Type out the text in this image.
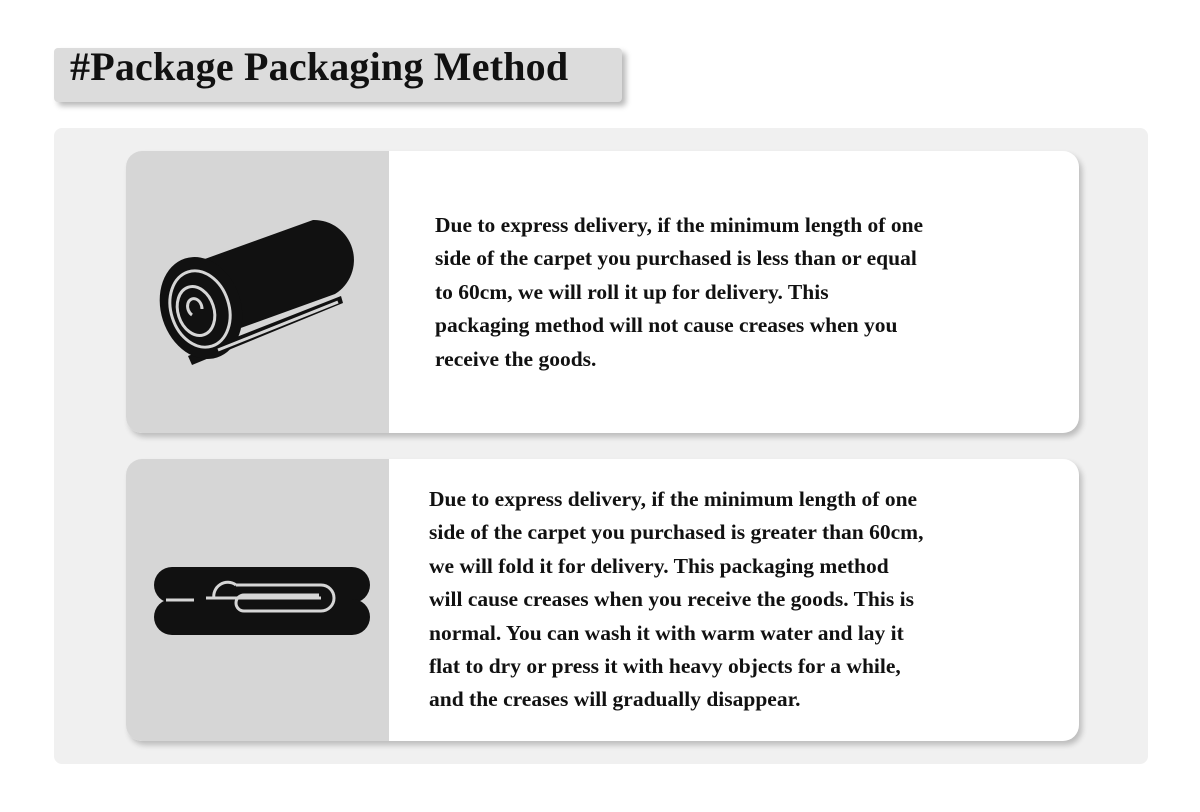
#Package Packaging Method
Due to express delivery, if the minimum length of one
side of the carpet you purchased is less than or equal
to 60cm, we will roll it up for delivery. This
packaging method will not cause creases when you
receive the goods.
Due to express delivery, if the minimum length of one
side of the carpet you purchased is greater than 60cm,
we will fold it for delivery. This packaging method
will cause creases when you receive the goods. This is
normal. You can wash it with warm water and lay it
flat to dry or press it with heavy objects for a while,
and the creases will gradually disappear.
